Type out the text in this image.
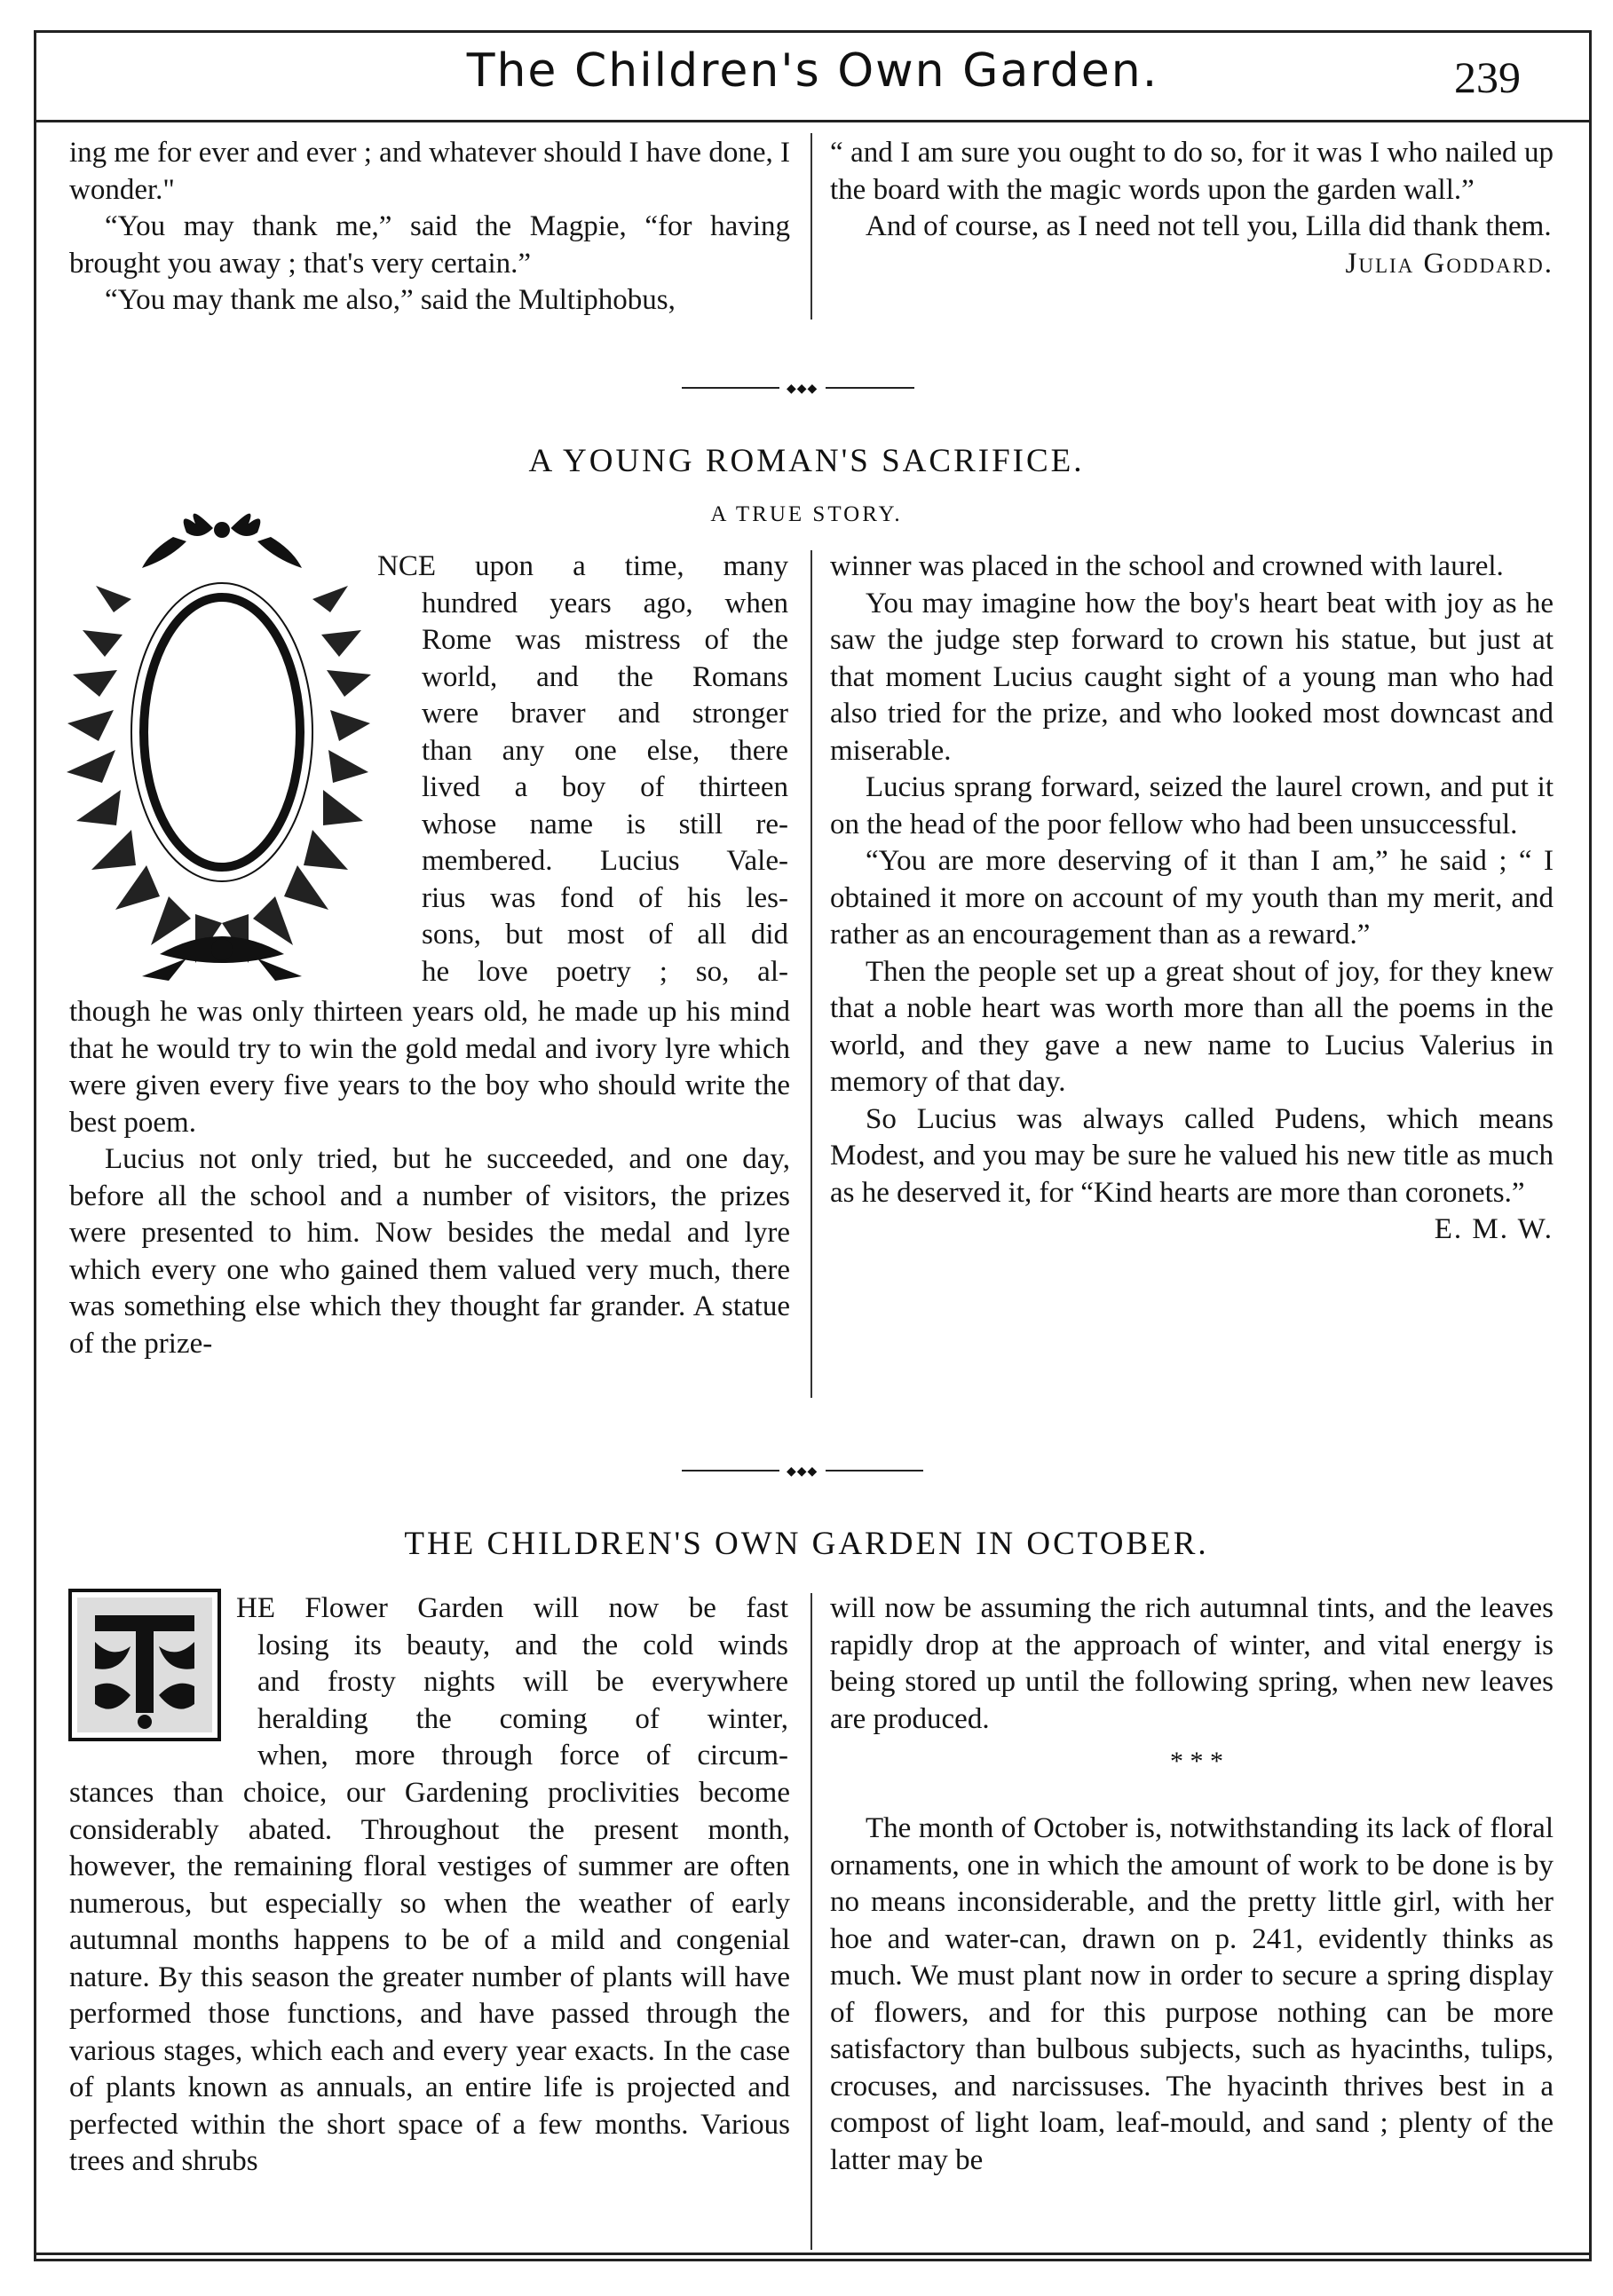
The Children's Own Garden.	239

ing me for ever and ever ; and whatever should I have done, I wonder."

“You may thank me,” said the Magpie, “for having brought you away ; that's very certain.”

“You may thank me also,” said the Multiphobus,

“ and I am sure you ought to do so, for it was I who nailed up the board with the magic words upon the garden wall.”

And of course, as I need not tell you, Lilla did thank them.
Julia Goddard.

◆◆◆
A YOUNG ROMAN'S SACRIFICE.
A TRUE STORY.

NCE upon a time, many

hundred years ago, when

Rome was mistress of the

world, and the Romans

were braver and stronger

than any one else, there

lived a boy of thirteen

whose name is still re-

membered. Lucius Vale-

rius was fond of his les-

sons, but most of all did

he love poetry ; so, al-

though he was only thirteen years old, he made up his mind that he would try to win the gold medal and ivory lyre which were given every five years to the boy who should write the best poem.

Lucius not only tried, but he succeeded, and one day, before all the school and a number of visitors, the prizes were presented to him. Now besides the medal and lyre which every one who gained them valued very much, there was something else which they thought far grander. A statue of the prize-

winner was placed in the school and crowned with laurel.

You may imagine how the boy's heart beat with joy as he saw the judge step forward to crown his statue, but just at that moment Lucius caught sight of a young man who had also tried for the prize, and who looked most downcast and miserable.

Lucius sprang forward, seized the laurel crown, and put it on the head of the poor fellow who had been unsuccessful.

“You are more deserving of it than I am,” he said ; “ I obtained it more on account of my youth than my merit, and rather as an encouragement than as a reward.”

Then the people set up a great shout of joy, for they knew that a noble heart was worth more than all the poems in the world, and they gave a new name to Lucius Valerius in memory of that day.

So Lucius was always called Pudens, which means Modest, and you may be sure he valued his new title as much as he deserved it, for “Kind hearts are more than coronets.”
E. M. W.

◆◆◆
THE CHILDREN'S OWN GARDEN IN OCTOBER.

HE Flower Garden will now be fast

losing its beauty, and the cold winds

and frosty nights will be everywhere

heralding the coming of winter,

when, more through force of circum-

stances than choice, our Gardening proclivities become considerably abated. Throughout the present month, however, the remaining floral vestiges of summer are often numerous, but especially so when the weather of early autumnal months happens to be of a mild and congenial nature. By this season the greater number of plants will have performed those functions, and have passed through the various stages, which each and every year exacts. In the case of plants known as annuals, an entire life is projected and perfected within the short space of a few months. Various trees and shrubs

will now be assuming the rich autumnal tints, and the leaves rapidly drop at the approach of winter, and vital energy is being stored up until the following spring, when new leaves are produced.

* * *

The month of October is, notwithstanding its lack of floral ornaments, one in which the amount of work to be done is by no means inconsiderable, and the pretty little girl, with her hoe and water-can, drawn on p. 241, evidently thinks as much. We must plant now in order to secure a spring display of flowers, and for this purpose nothing can be more satisfactory than bulbous subjects, such as hyacinths, tulips, crocuses, and narcissuses. The hyacinth thrives best in a compost of light loam, leaf-mould, and sand ; plenty of the latter may be
